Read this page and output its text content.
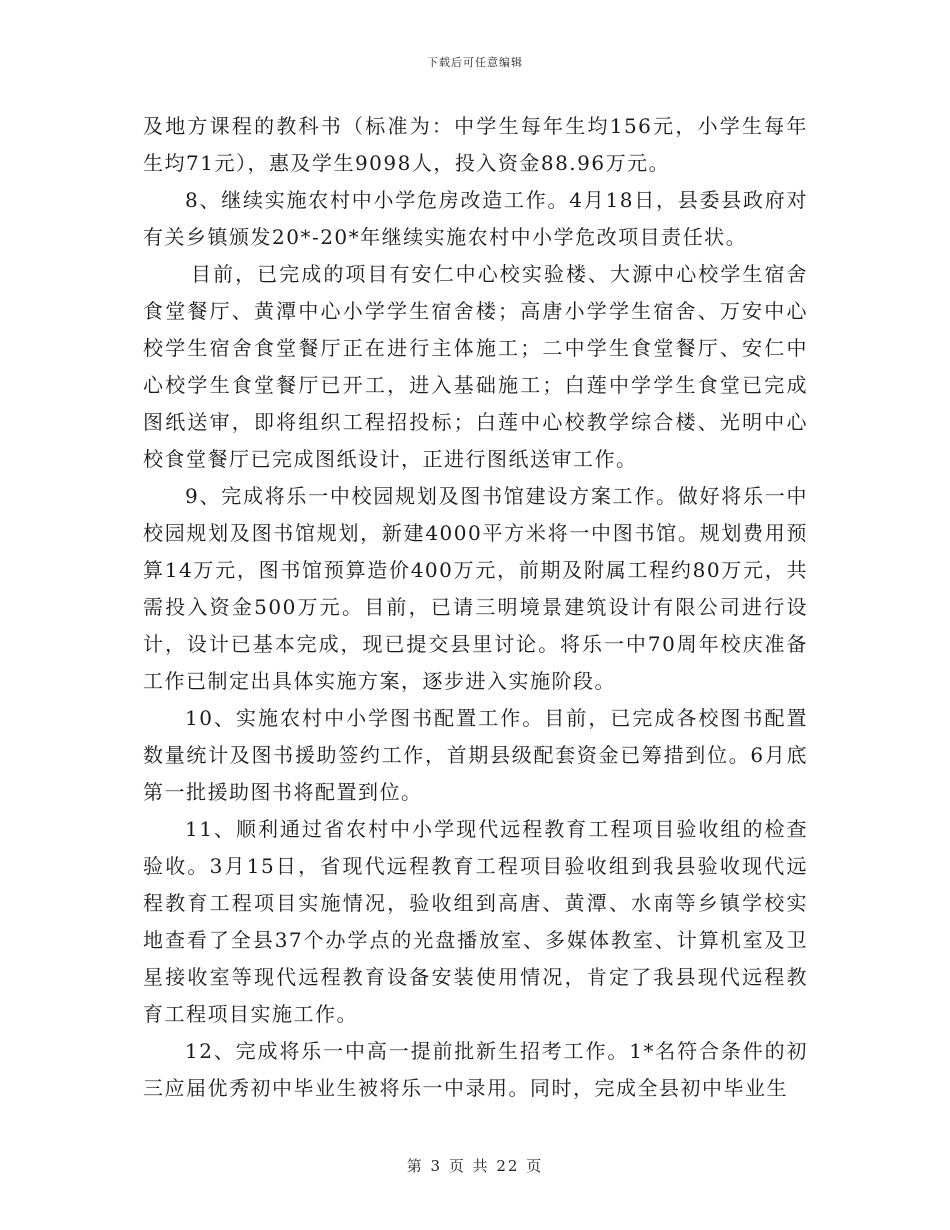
下载后可任意编辑

及地方课程的教科书（标准为：中学生每年生均156元，小学生每年生均71元），惠及学生9098人，投入资金88.96万元。

8、继续实施农村中小学危房改造工作。4月18日，县委县政府对有关乡镇颁发20*-20*年继续实施农村中小学危改项目责任状。

目前，已完成的项目有安仁中心校实验楼、大源中心校学生宿舍食堂餐厅、黄潭中心小学学生宿舍楼；高唐小学学生宿舍、万安中心校学生宿舍食堂餐厅正在进行主体施工；二中学生食堂餐厅、安仁中心校学生食堂餐厅已开工，进入基础施工；白莲中学学生食堂已完成图纸送审，即将组织工程招投标；白莲中心校教学综合楼、光明中心校食堂餐厅已完成图纸设计，正进行图纸送审工作。

9、完成将乐一中校园规划及图书馆建设方案工作。做好将乐一中校园规划及图书馆规划，新建4000平方米将一中图书馆。规划费用预算14万元，图书馆预算造价400万元，前期及附属工程约80万元，共需投入资金500万元。目前，已请三明境景建筑设计有限公司进行设计，设计已基本完成，现已提交县里讨论。将乐一中70周年校庆准备工作已制定出具体实施方案，逐步进入实施阶段。

10、实施农村中小学图书配置工作。目前，已完成各校图书配置数量统计及图书援助签约工作，首期县级配套资金已筹措到位。6月底第一批援助图书将配置到位。

11、顺利通过省农村中小学现代远程教育工程项目验收组的检查验收。3月15日，省现代远程教育工程项目验收组到我县验收现代远程教育工程项目实施情况，验收组到高唐、黄潭、水南等乡镇学校实地查看了全县37个办学点的光盘播放室、多媒体教室、计算机室及卫星接收室等现代远程教育设备安装使用情况，肯定了我县现代远程教育工程项目实施工作。

12、完成将乐一中高一提前批新生招考工作。1*名符合条件的初三应届优秀初中毕业生被将乐一中录用。同时，完成全县初中毕业生

第 3 页 共 22 页
